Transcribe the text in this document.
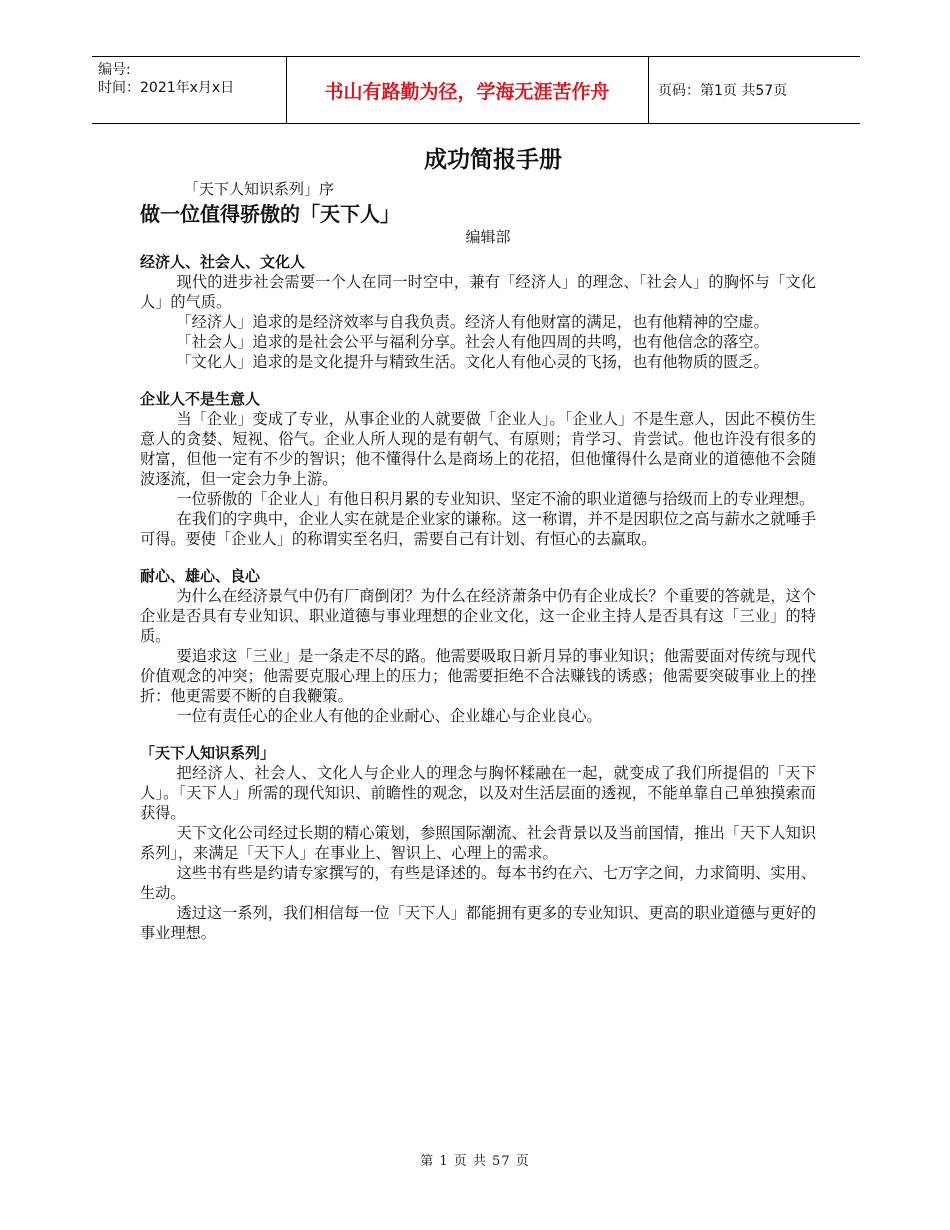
编号:
时间：2021年x月x日	书山有路勤为径，学海无涯苦作舟	页码：第1页 共57页
成功简报手册
「天下人知识系列」序
做一位值得骄傲的「天下人」
编辑部
经济人、社会人、文化人

现代的进步社会需要一个人在同一时空中，兼有「经济人」的理念、「社会人」的胸怀与「文化人」的气质。

「经济人」追求的是经济效率与自我负责。经济人有他财富的满足，也有他精神的空虚。

「社会人」追求的是社会公平与福利分享。社会人有他四周的共鸣，也有他信念的落空。

「文化人」追求的是文化提升与精致生活。文化人有他心灵的飞扬，也有他物质的匮乏。

企业人不是生意人

当「企业」变成了专业，从事企业的人就要做「企业人」。「企业人」不是生意人，因此不模仿生意人的贪婪、短视、俗气。企业人所人现的是有朝气、有原则；肯学习、肯尝试。他也许没有很多的财富，但他一定有不少的智识；他不懂得什么是商场上的花招，但他懂得什么是商业的道德他不会随波逐流，但一定会力争上游。

一位骄傲的「企业人」有他日积月累的专业知识、坚定不渝的职业道德与拾级而上的专业理想。

在我们的字典中，企业人实在就是企业家的谦称。这一称谓，并不是因职位之高与薪水之就唾手可得。要使「企业人」的称谓实至名归，需要自己有计划、有恒心的去赢取。

耐心、雄心、良心

为什么在经济景气中仍有厂商倒闭？为什么在经济萧条中仍有企业成长？个重要的答就是，这个企业是否具有专业知识、职业道德与事业理想的企业文化，这一企业主持人是否具有这「三业」的特质。

要追求这「三业」是一条走不尽的路。他需要吸取日新月异的事业知识；他需要面对传统与现代价值观念的冲突；他需要克服心理上的压力；他需要拒绝不合法赚钱的诱惑；他需要突破事业上的挫折：他更需要不断的自我鞭策。

一位有责任心的企业人有他的企业耐心、企业雄心与企业良心。

「天下人知识系列」

把经济人、社会人、文化人与企业人的理念与胸怀糅融在一起，就变成了我们所提倡的「天下人」。「天下人」所需的现代知识、前瞻性的观念，以及对生活层面的透视，不能单靠自己单独摸索而获得。

天下文化公司经过长期的精心策划，参照国际潮流、社会背景以及当前国情，推出「天下人知识系列」，来满足「天下人」在事业上、智识上、心理上的需求。

这些书有些是约请专家撰写的，有些是译述的。每本书约在六、七万字之间，力求简明、实用、生动。

透过这一系列，我们相信每一位「天下人」都能拥有更多的专业知识、更高的职业道德与更好的事业理想。

第 1 页 共 57 页
